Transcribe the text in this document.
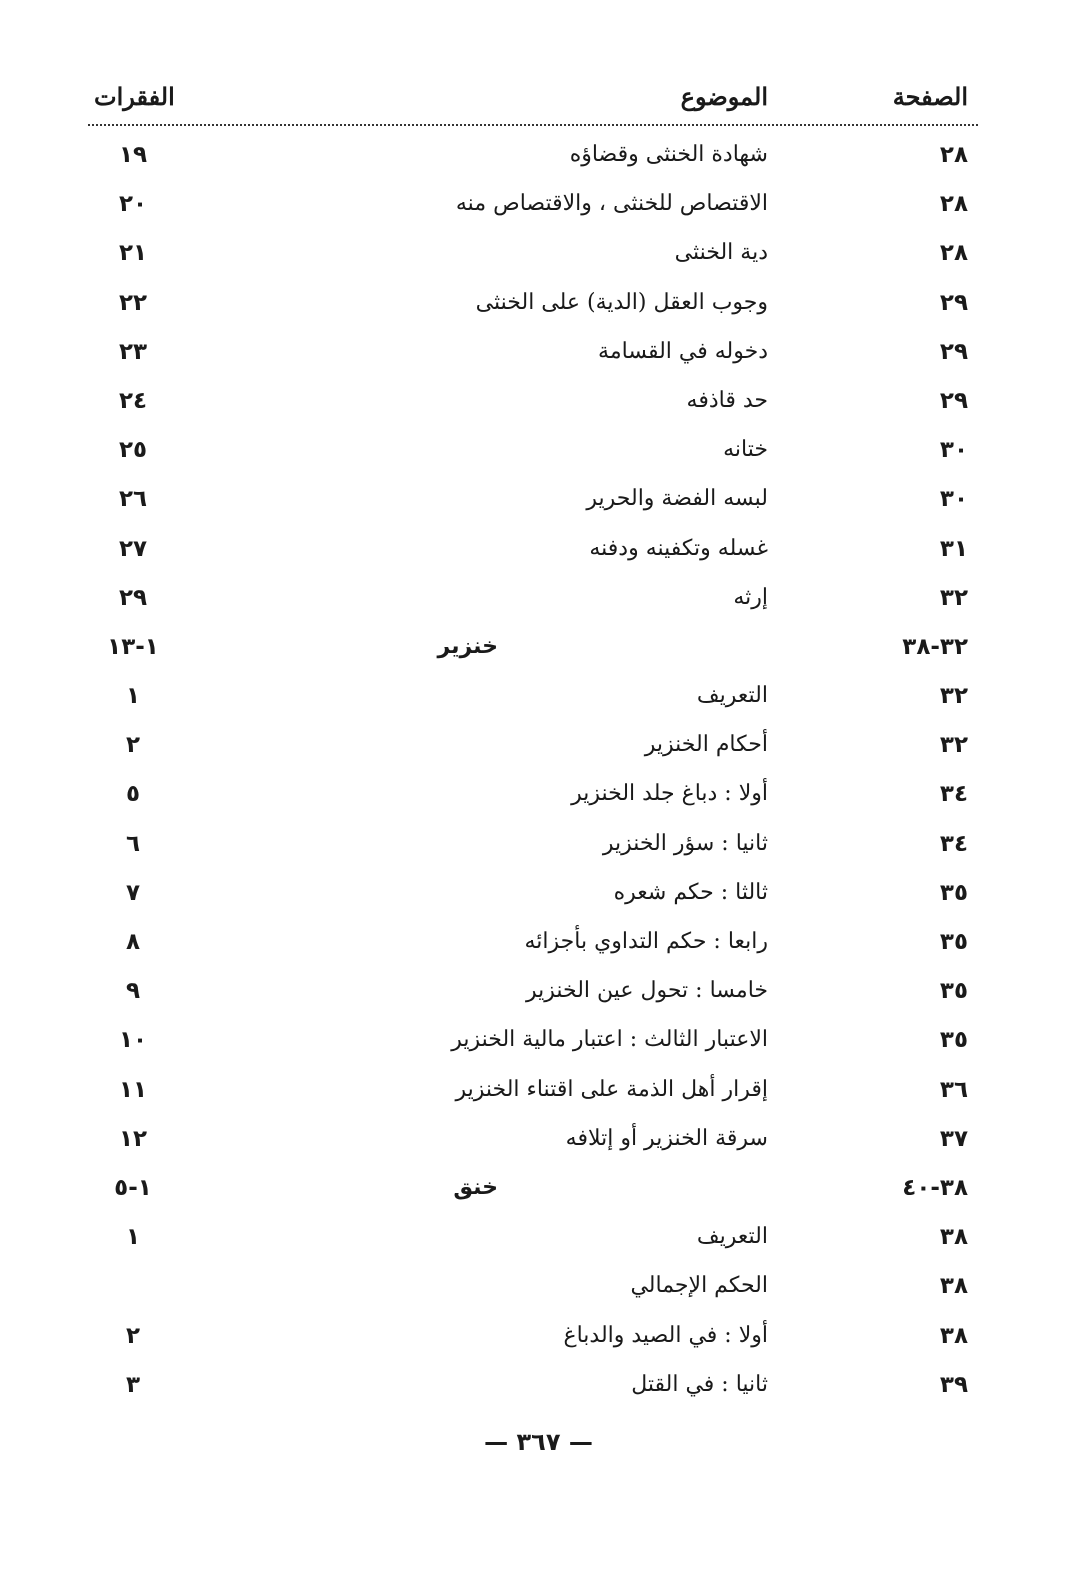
الصفحة
الموضوع
الفقرات
٢٨
شهادة الخنثى وقضاؤه
١٩
٢٨
الاقتصاص للخنثى ، والاقتصاص منه
٢٠
٢٨
دية الخنثى
٢١
٢٩
وجوب العقل (الدية) على الخنثى
٢٢
٢٩
دخوله في القسامة
٢٣
٢٩
حد قاذفه
٢٤
٣٠
ختانه
٢٥
٣٠
لبسه الفضة والحرير
٢٦
٣١
غسله وتكفينه ودفنه
٢٧
٣٢
إرثه
٢٩
٣٢-٣٨
خنزير
١-١٣
٣٢
التعريف
١
٣٢
أحكام الخنزير
٢
٣٤
أولا : دباغ جلد الخنزير
٥
٣٤
ثانيا : سؤر الخنزير
٦
٣٥
ثالثا : حكم شعره
٧
٣٥
رابعا : حكم التداوي بأجزائه
٨
٣٥
خامسا : تحول عين الخنزير
٩
٣٥
الاعتبار الثالث : اعتبار مالية الخنزير
١٠
٣٦
إقرار أهل الذمة على اقتناء الخنزير
١١
٣٧
سرقة الخنزير أو إتلافه
١٢
٣٨-٤٠
خنق
١-٥
٣٨
التعريف
١
٣٨
الحكم الإجمالي
٣٨
أولا : في الصيد والدباغ
٢
٣٩
ثانيا : في القتل
٣
— ٣٦٧ —
